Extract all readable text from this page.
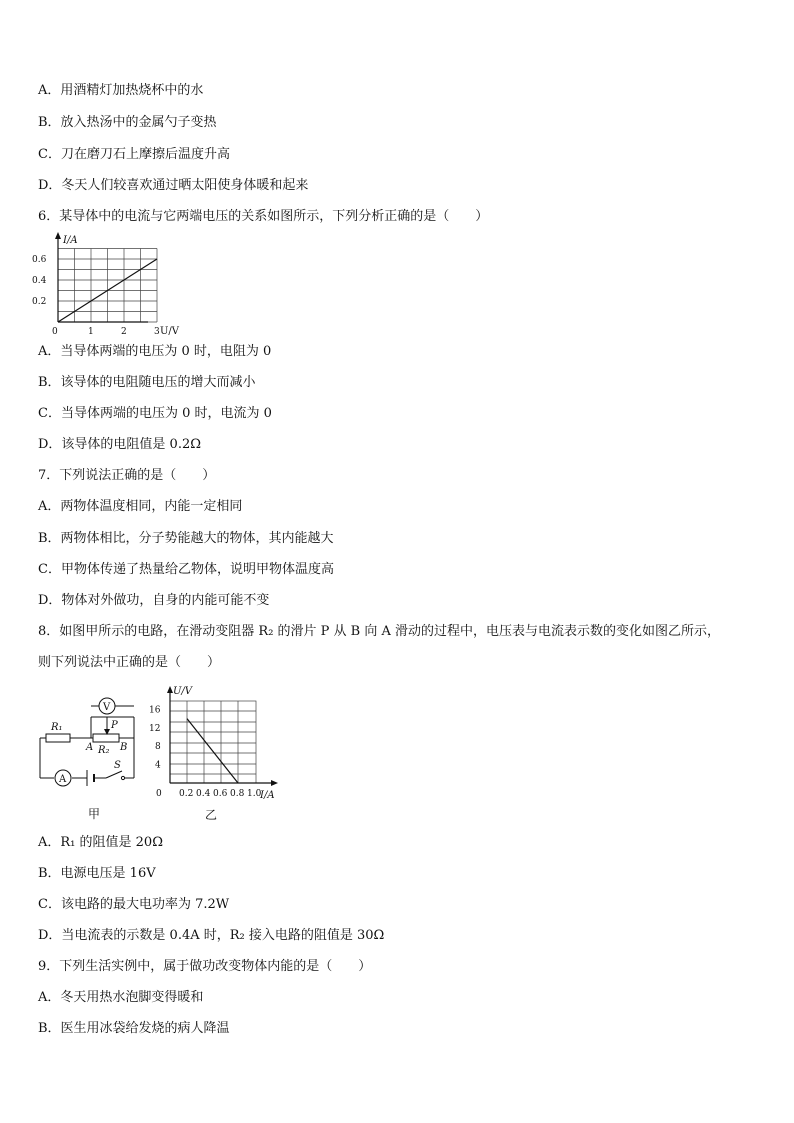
A．用酒精灯加热烧杯中的水
B．放入热汤中的金属勺子变热
C．刀在磨刀石上摩擦后温度升高
D．冬天人们较喜欢通过晒太阳使身体暖和起来
6．某导体中的电流与它两端电压的关系如图所示，下列分析正确的是（　　）
I/A
0	1	2	3
0.2
0.4
0.6
U/V
A．当导体两端的电压为 0 时，电阻为 0
B．该导体的电阻随电压的增大而减小
C．当导体两端的电压为 0 时，电流为 0
D．该导体的电阻值是 0.2Ω
7．下列说法正确的是（　　）
A．两物体温度相同，内能一定相同
B．两物体相比，分子势能越大的物体，其内能越大
C．甲物体传递了热量给乙物体，说明甲物体温度高
D．物体对外做功，自身的内能可能不变
8．如图甲所示的电路，在滑动变阻器 R₂ 的滑片 P 从 B 向 A 滑动的过程中，电压表与电流表示数的变化如图乙所示，
则下列说法中正确的是（　　）
V
A
R₁
R₂
P
A	B
S
甲
U/V
I/A
0
乙
0.2 0.4 0.6 0.8 1.0
4
8
12
16
A．R₁ 的阻值是 20Ω
B．电源电压是 16V
C．该电路的最大电功率为 7.2W
D．当电流表的示数是 0.4A 时，R₂ 接入电路的阻值是 30Ω
9．下列生活实例中，属于做功改变物体内能的是（　　）
A．冬天用热水泡脚变得暖和
B．医生用冰袋给发烧的病人降温
